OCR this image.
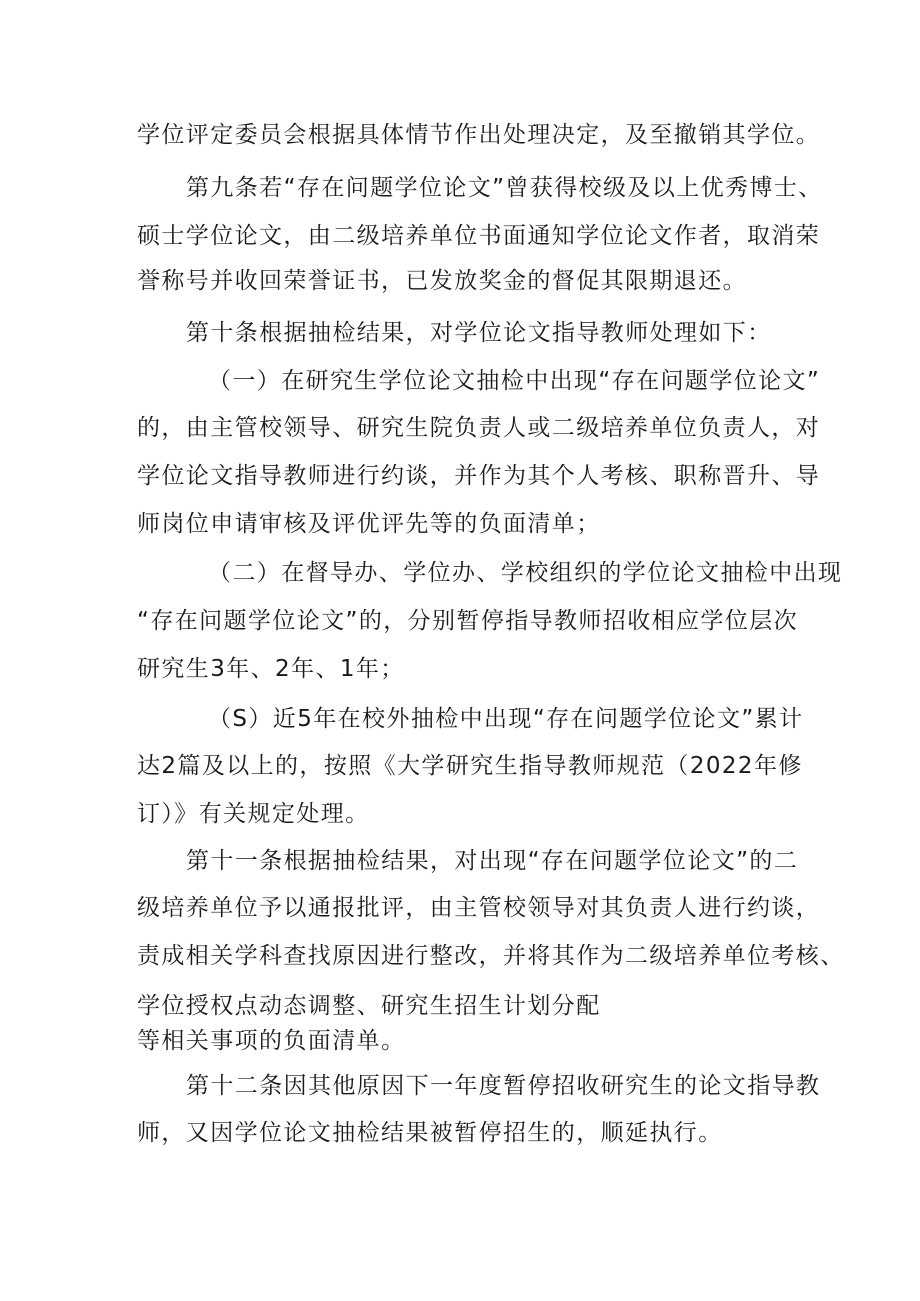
学位评定委员会根据具体情节作出处理决定，及至撤销其学位。
第九条若“存在问题学位论文”曾获得校级及以上优秀博士、
硕士学位论文，由二级培养单位书面通知学位论文作者，取消荣
誉称号并收回荣誉证书，已发放奖金的督促其限期退还。
第十条根据抽检结果，对学位论文指导教师处理如下：
（一）在研究生学位论文抽检中出现“存在问题学位论文”
的，由主管校领导、研究生院负责人或二级培养单位负责人，对
学位论文指导教师进行约谈，并作为其个人考核、职称晋升、导
师岗位申请审核及评优评先等的负面清单；
（二）在督导办、学位办、学校组织的学位论文抽检中出现
“存在问题学位论文”的，分别暂停指导教师招收相应学位层次
研究生3年、2年、1年；
（S）近5年在校外抽检中出现“存在问题学位论文”累计
达2篇及以上的，按照《大学研究生指导教师规范（2022年修
订）》有关规定处理。
第十一条根据抽检结果，对出现“存在问题学位论文”的二
级培养单位予以通报批评，由主管校领导对其负责人进行约谈，
责成相关学科查找原因进行整改，并将其作为二级培养单位考核、
学位授权点动态调整、研究生招生计划分配
等相关事项的负面清单。
第十二条因其他原因下一年度暂停招收研究生的论文指导教
师，又因学位论文抽检结果被暂停招生的，顺延执行。
